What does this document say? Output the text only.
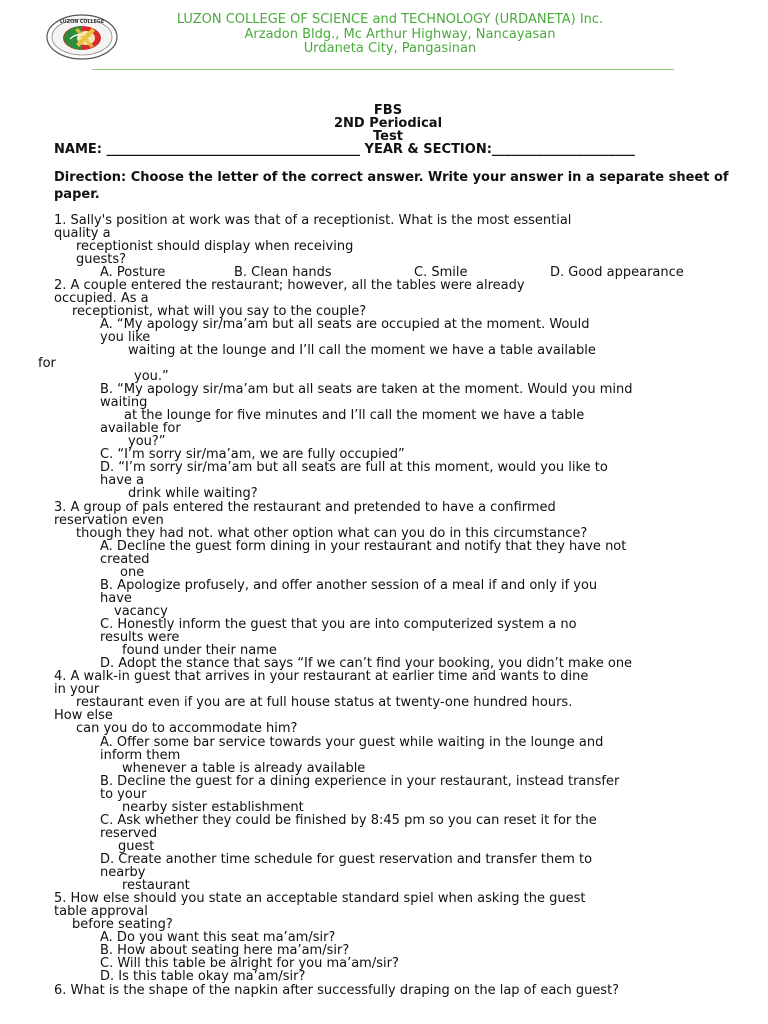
LUZON COLLEGE	LUZON COLLEGE OF SCIENCE and TECHNOLOGY (URDANETA) Inc.
Arzadon Bldg., Mc Arthur Highway, Nancayasan
Urdaneta City, Pangasinan
FBS
2ND Periodical
Test
NAME: _______________________________________ YEAR & SECTION:______________________
Direction: Choose the letter of the correct answer. Write your answer in a separate sheet of paper.
1. Sally's position at work was that of a receptionist. What is the most essential
quality a
receptionist should display when receiving
guests?
A. Posture	B. Clean hands	C. Smile	D. Good appearance
2. A couple entered the restaurant; however, all the tables were already
occupied. As a
receptionist, what will you say to the couple?
A. “My apology sir/ma’am but all seats are occupied at the moment. Would
you like
waiting at the lounge and I’ll call the moment we have a table available
for
you.”
B. “My apology sir/ma’am but all seats are taken at the moment. Would you mind
waiting
at the lounge for five minutes and I’ll call the moment we have a table
available for
you?”
C. “I’m sorry sir/ma’am, we are fully occupied”
D. “I’m sorry sir/ma’am but all seats are full at this moment, would you like to
have a
drink while waiting?
3. A group of pals entered the restaurant and pretended to have a confirmed
reservation even
though they had not. what other option what can you do in this circumstance?
A. Decline the guest form dining in your restaurant and notify that they have not
created
one
B. Apologize profusely, and offer another session of a meal if and only if you
have
vacancy
C. Honestly inform the guest that you are into computerized system a no
results were
found under their name
D. Adopt the stance that says “If we can’t find your booking, you didn’t make one
4. A walk-in guest that arrives in your restaurant at earlier time and wants to dine
in your
restaurant even if you are at full house status at twenty-one hundred hours.
How else
can you do to accommodate him?
A. Offer some bar service towards your guest while waiting in the lounge and
inform them
whenever a table is already available
B. Decline the guest for a dining experience in your restaurant, instead transfer
to your
nearby sister establishment
C. Ask whether they could be finished by 8:45 pm so you can reset it for the
reserved
guest
D. Create another time schedule for guest reservation and transfer them to
nearby
restaurant
5. How else should you state an acceptable standard spiel when asking the guest
table approval
before seating?
A. Do you want this seat ma’am/sir?
B. How about seating here ma’am/sir?
C. Will this table be alright for you ma’am/sir?
D. Is this table okay ma’am/sir?
6. What is the shape of the napkin after successfully draping on the lap of each guest?
